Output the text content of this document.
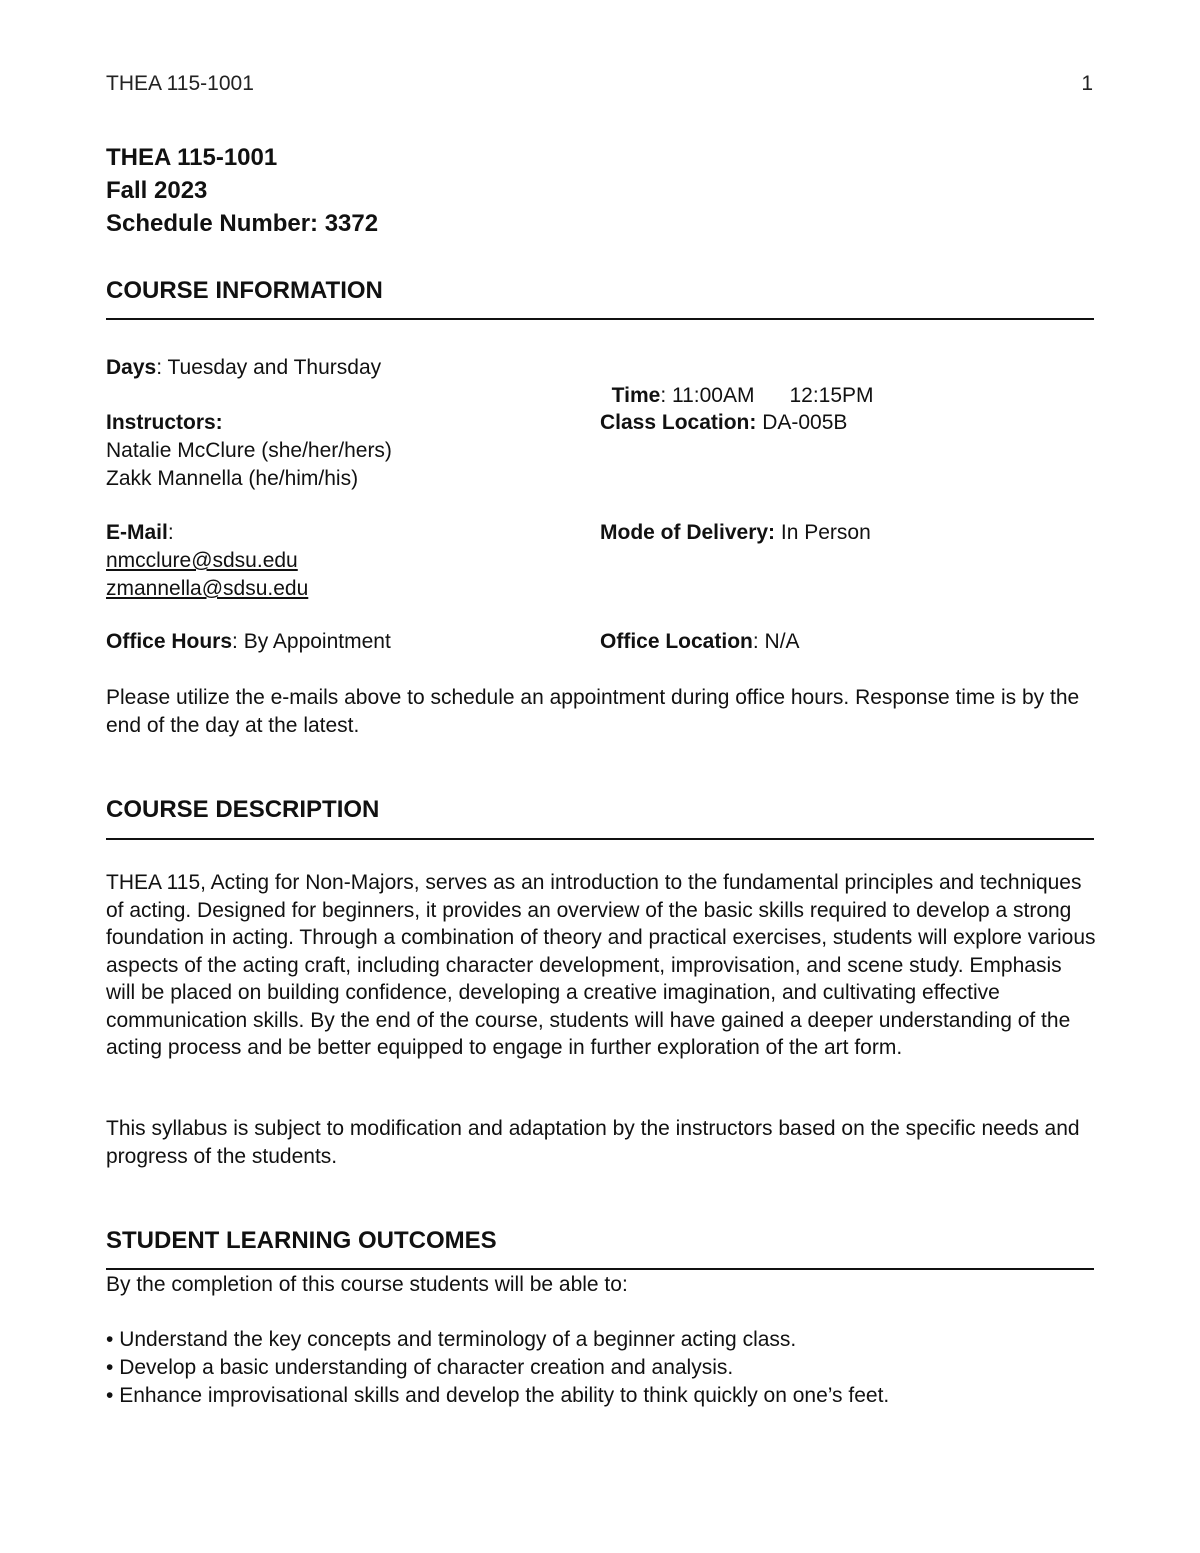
THEA 115-1001	1
THEA 115-1001
Fall 2023
Schedule Number: 3372
COURSE INFORMATION
Days: Tuesday and Thursday

Time: 11:00AM      12:15PM

Instructors:
Natalie McClure (she/her/hers)
Zakk Mannella (he/him/his)
Class Location: DA-005B
E-Mail:
nmcclure@sdsu.edu
zmannella@sdsu.edu
Mode of Delivery: In Person
Office Hours: By Appointment	Office Location: N/A
Please utilize the e-mails above to schedule an appointment during office hours. Response time is by the end of the day at the latest.
COURSE DESCRIPTION
THEA 115, Acting for Non-Majors, serves as an introduction to the fundamental principles and techniques of acting. Designed for beginners, it provides an overview of the basic skills required to develop a strong foundation in acting. Through a combination of theory and practical exercises, students will explore various aspects of the acting craft, including character development, improvisation, and scene study. Emphasis will be placed on building confidence, developing a creative imagination, and cultivating effective communication skills. By the end of the course, students will have gained a deeper understanding of the acting process and be better equipped to engage in further exploration of the art form.
This syllabus is subject to modification and adaptation by the instructors based on the specific needs and progress of the students.
STUDENT LEARNING OUTCOMES
By the completion of this course students will be able to:
• Understand the key concepts and terminology of a beginner acting class.
• Develop a basic understanding of character creation and analysis.
• Enhance improvisational skills and develop the ability to think quickly on one’s feet.
